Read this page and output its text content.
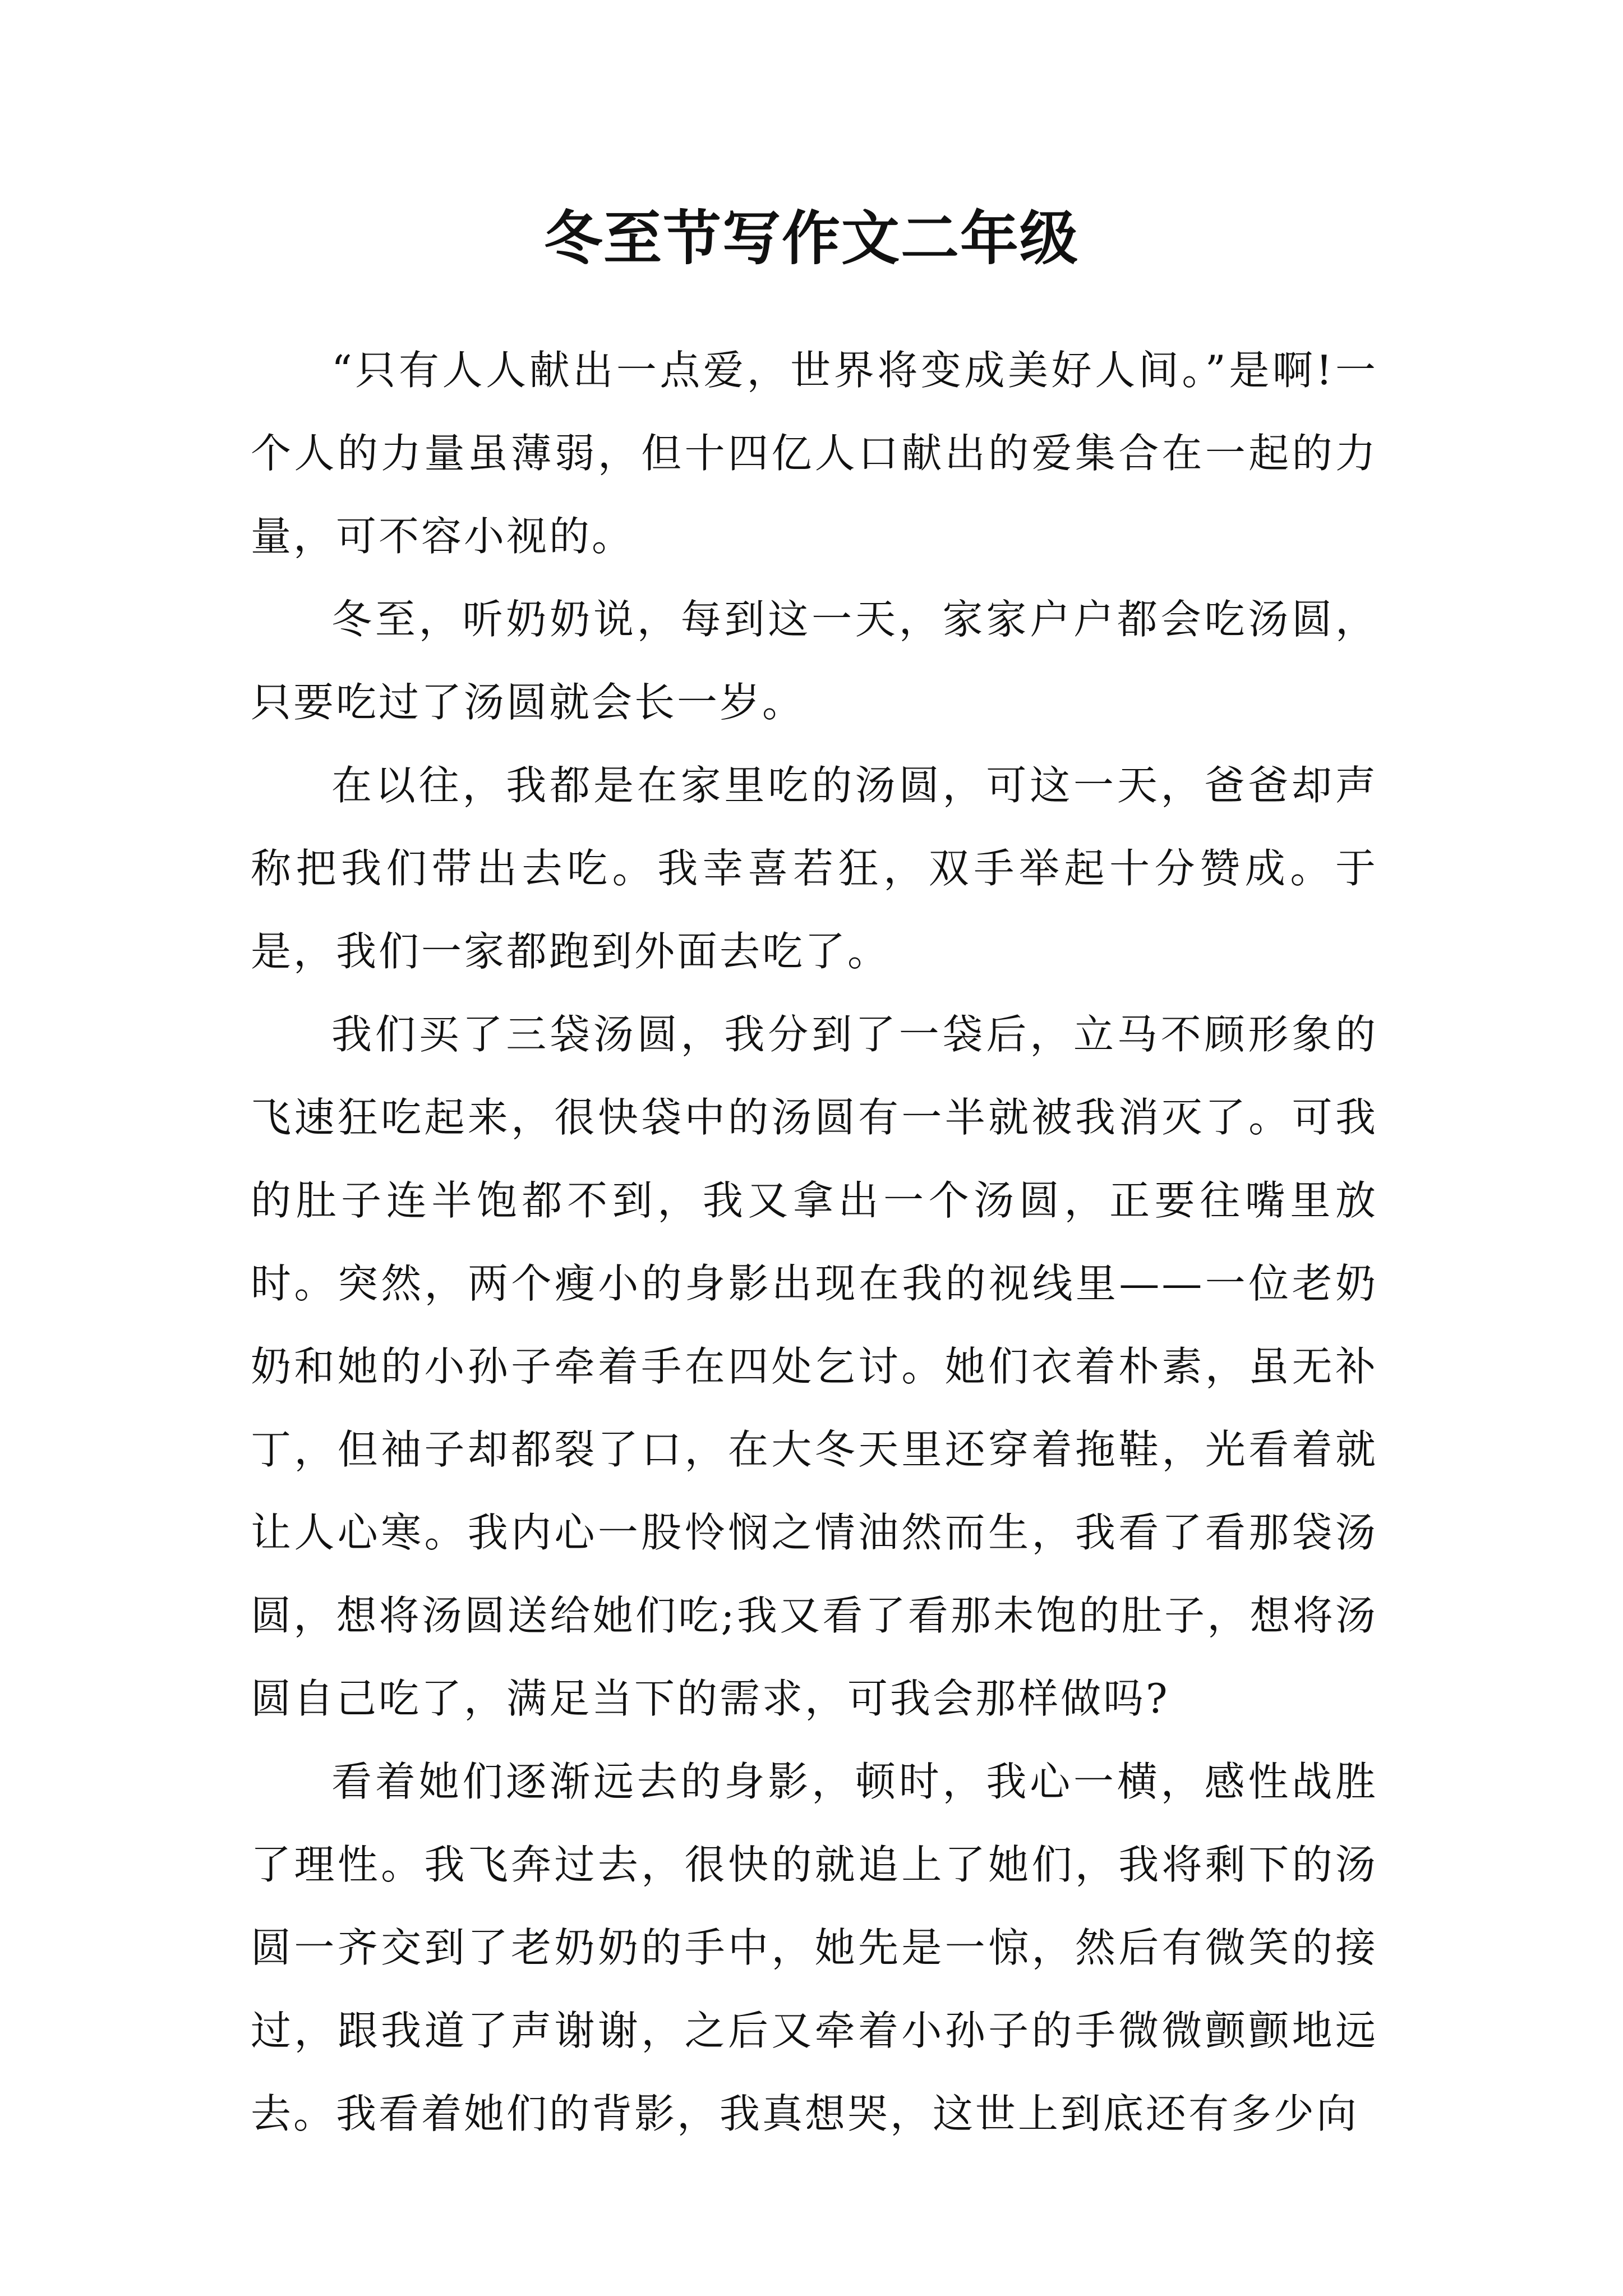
冬至节写作文二年级

“只有人人献出一点爱，世界将变成美好人间。”是啊!一个人的力量虽薄弱，但十四亿人口献出的爱集合在一起的力量，可不容小视的。

冬至，听奶奶说，每到这一天，家家户户都会吃汤圆，只要吃过了汤圆就会长一岁。

在以往，我都是在家里吃的汤圆，可这一天，爸爸却声称把我们带出去吃。我幸喜若狂，双手举起十分赞成。于是，我们一家都跑到外面去吃了。

我们买了三袋汤圆，我分到了一袋后，立马不顾形象的飞速狂吃起来，很快袋中的汤圆有一半就被我消灭了。可我的肚子连半饱都不到，我又拿出一个汤圆，正要往嘴里放时。突然，两个瘦小的身影出现在我的视线里——一位老奶奶和她的小孙子牵着手在四处乞讨。她们衣着朴素，虽无补丁，但袖子却都裂了口，在大冬天里还穿着拖鞋，光看着就让人心寒。我内心一股怜悯之情油然而生，我看了看那袋汤圆，想将汤圆送给她们吃;我又看了看那未饱的肚子，想将汤圆自己吃了，满足当下的需求，可我会那样做吗?

看着她们逐渐远去的身影，顿时，我心一横，感性战胜了理性。我飞奔过去，很快的就追上了她们，我将剩下的汤圆一齐交到了老奶奶的手中，她先是一惊，然后有微笑的接过，跟我道了声谢谢，之后又牵着小孙子的手微微颤颤地远去。我看着她们的背影，我真想哭，这世上到底还有多少向
